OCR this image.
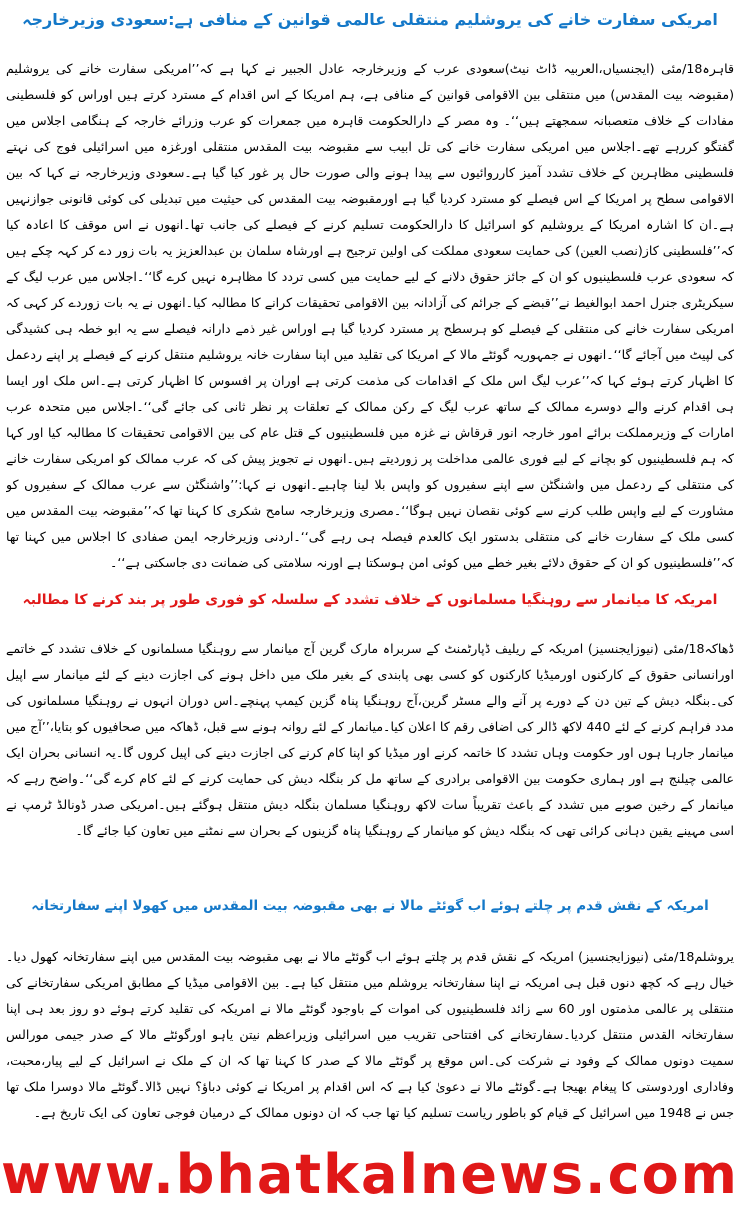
امریکی سفارت خانے کی یروشلیم منتقلی عالمی قوانین کے منافی ہے:سعودی وزیرخارجہ

قاہرہ18/مئی (ایجنسیاں،العربیہ ڈاٹ نیٹ)سعودی عرب کے وزیرخارجہ عادل الجبیر نے کہا ہے کہ’’امریکی سفارت خانے کی یروشلیم (مقبوضہ بیت المقدس) میں منتقلی بین الاقوامی قوانین کے منافی ہے، ہم امریکا کے اس اقدام کے مسترد کرتے ہیں اوراس کو فلسطینی مفادات کے خلاف متعصبانہ سمجھتے ہیں‘‘۔ وہ مصر کے دارالحکومت قاہرہ میں جمعرات کو عرب وزرائے خارجہ کے ہنگامی اجلاس میں گفتگو کررہے تھے۔اجلاس میں امریکی سفارت خانے کی تل ابیب سے مقبوضہ بیت المقدس منتقلی اورغزہ میں اسرائیلی فوج کی نہتے فلسطینی مظاہرین کے خلاف تشدد آمیز کارروائیوں سے پیدا ہونے والی صورت حال پر غور کیا گیا ہے۔سعودی وزیرخارجہ نے کہا کہ بین الاقوامی سطح پر امریکا کے اس فیصلے کو مسترد کردیا گیا ہے اورمقبوضہ بیت المقدس کی حیثیت میں تبدیلی کی کوئی قانونی جوازنہیں ہے۔ان کا اشارہ امریکا کے یروشلیم کو اسرائیل کا دارالحکومت تسلیم کرنے کے فیصلے کی جانب تھا۔انھوں نے اس موقف کا اعادہ کیا کہ’’فلسطینی کاز(نصب العین) کی حمایت سعودی مملکت کی اولین ترجیح ہے اورشاہ سلمان بن عبدالعزیز یہ بات زور دے کر کہہ چکے ہیں کہ سعودی عرب فلسطینیوں کو ان کے جائز حقوق دلانے کے لیے حمایت میں کسی تردد کا مظاہرہ نہیں کرے گا‘‘۔اجلاس میں عرب لیگ کے سیکریٹری جنرل احمد ابوالغیط نے’’قبضے کے جرائم کی آزادانہ بین الاقوامی تحقیقات کرانے کا مطالبہ کیا۔انھوں نے یہ بات زوردے کر کہی کہ امریکی سفارت خانے کی منتقلی کے فیصلے کو ہرسطح پر مسترد کردیا گیا ہے اوراس غیر ذمے دارانہ فیصلے سے یہ ابو خطہ ہی کشیدگی کی لپیٹ میں آجائے گا‘‘۔انھوں نے جمہوریہ گوئٹے مالا کے امریکا کی تقلید میں اپنا سفارت خانہ یروشلیم منتقل کرنے کے فیصلے پر اپنے ردعمل کا اظہار کرتے ہوئے کہا کہ’’عرب لیگ اس ملک کے اقدامات کی مذمت کرتی ہے اوران پر افسوس کا اظہار کرتی ہے۔اس ملک اور ایسا ہی اقدام کرنے والے دوسرے ممالک کے ساتھ عرب لیگ کے رکن ممالک کے تعلقات پر نظر ثانی کی جائے گی‘‘۔اجلاس میں متحدہ عرب امارات کے وزیرمملکت برائے امور خارجہ انور قرقاش نے غزہ میں فلسطینیوں کے قتل عام کی بین الاقوامی تحقیقات کا مطالبہ کیا اور کہا کہ ہم فلسطینیوں کو بچانے کے لیے فوری عالمی مداخلت پر زوردیتے ہیں۔انھوں نے تجویز پیش کی کہ عرب ممالک کو امریکی سفارت خانے کی منتقلی کے ردعمل میں واشنگٹن سے اپنے سفیروں کو واپس بلا لینا چاہیے۔انھوں نے کہا:’’واشنگٹن سے عرب ممالک کے سفیروں کو مشاورت کے لیے واپس طلب کرنے سے کوئی نقصان نہیں ہوگا‘‘۔مصری وزیرخارجہ سامح شکری کا کہنا تھا کہ’’مقبوضہ بیت المقدس میں کسی ملک کے سفارت خانے کی منتقلی بدستور ایک کالعدم فیصلہ ہی رہے گی‘‘۔اردنی وزیرخارجہ ایمن صفادی کا اجلاس میں کہنا تھا کہ’’فلسطینیوں کو ان کے حقوق دلائے بغیر خطے میں کوئی امن ہوسکتا ہے اورنہ سلامتی کی ضمانت دی جاسکتی ہے‘‘۔

امریکہ کا میانمار سے روہنگیا مسلمانوں کے خلاف تشدد کے سلسلہ کو فوری طور پر بند کرنے کا مطالبہ

ڈھاکہ18/مئی (نیوزایجنسیز) امریکہ کے ریلیف ڈپارٹمنٹ کے سربراہ مارک گرین آج میانمار سے روہنگیا مسلمانوں کے خلاف تشدد کے خاتمے اورانسانی حقوق کے کارکنوں اورمیڈیا کارکنوں کو کسی بھی پابندی کے بغیر ملک میں داخل ہونے کی اجازت دینے کے لئے میانمار سے اپیل کی۔بنگلہ دیش کے تین دن کے دورے پر آنے والے مسٹر گرین،آج روہنگیا پناہ گزین کیمپ پہنچے۔اس دوران انہوں نے روہنگیا مسلمانوں کی مدد فراہم کرنے کے لئے 440 لاکھ ڈالر کی اضافی رقم کا اعلان کیا۔میانمار کے لئے روانہ ہونے سے قبل، ڈھاکہ میں صحافیوں کو بتایا،’’آج میں میانمار جارہا ہوں اور حکومت وہاں تشدد کا خاتمہ کرنے اور میڈیا کو اپنا کام کرنے کی اجازت دینے کی اپیل کروں گا۔یہ انسانی بحران ایک عالمی چیلنج ہے اور ہماری حکومت بین الاقوامی برادری کے ساتھ مل کر بنگلہ دیش کی حمایت کرنے کے لئے کام کرے گی‘‘۔واضح رہے کہ میانمار کے رخین صوبے میں تشدد کے باعث تقریباً سات لاکھ روہنگیا مسلمان بنگلہ دیش منتقل ہوگئے ہیں۔امریکی صدر ڈونالڈ ٹرمپ نے اسی مہینے یقین دہانی کرائی تھی کہ بنگلہ دیش کو میانمار کے روہنگیا پناہ گزینوں کے بحران سے نمٹنے میں تعاون کیا جائے گا۔

امریکہ کے نقش قدم پر چلتے ہوئے اب گوئٹے مالا نے بھی مقبوضہ بیت المقدس میں کھولا اپنے سفارتخانہ

یروشلم18/مئی (نیوزایجنسیز) امریکہ کے نقش قدم پر چلتے ہوئے اب گوئٹے مالا نے بھی مقبوضہ بیت المقدس میں اپنے سفارتخانہ کھول دیا۔خیال رہے کہ کچھ دنوں قبل ہی امریکہ نے اپنا سفارتخانہ یروشلم میں منتقل کیا ہے۔ بین الاقوامی میڈیا کے مطابق امریکی سفارتخانے کی منتقلی پر عالمی مذمتوں اور 60 سے زائد فلسطینیوں کی اموات کے باوجود گوئٹے مالا نے امریکہ کی تقلید کرتے ہوئے دو روز بعد ہی اپنا سفارتخانہ القدس منتقل کردیا۔سفارتخانے کی افتتاحی تقریب میں اسرائیلی وزیراعظم نیتن یاہو اورگوئٹے مالا کے صدر جیمی مورالس سمیت دونوں ممالک کے وفود نے شرکت کی۔اس موقع پر گوئٹے مالا کے صدر کا کہنا تھا کہ ان کے ملک نے اسرائیل کے لیے پیار،محبت، وفاداری اوردوستی کا پیغام بھیجا ہے۔گوئٹے مالا نے دعویٰ کیا ہے کہ اس اقدام پر امریکا نے کوئی دباؤ؟ نہیں ڈالا۔گوئٹے مالا دوسرا ملک تھا جس نے 1948 میں اسرائیل کے قیام کو باطور ریاست تسلیم کیا تھا جب کہ ان دونوں ممالک کے درمیان فوجی تعاون کی ایک تاریخ ہے۔

www.bhatkalnews.com
